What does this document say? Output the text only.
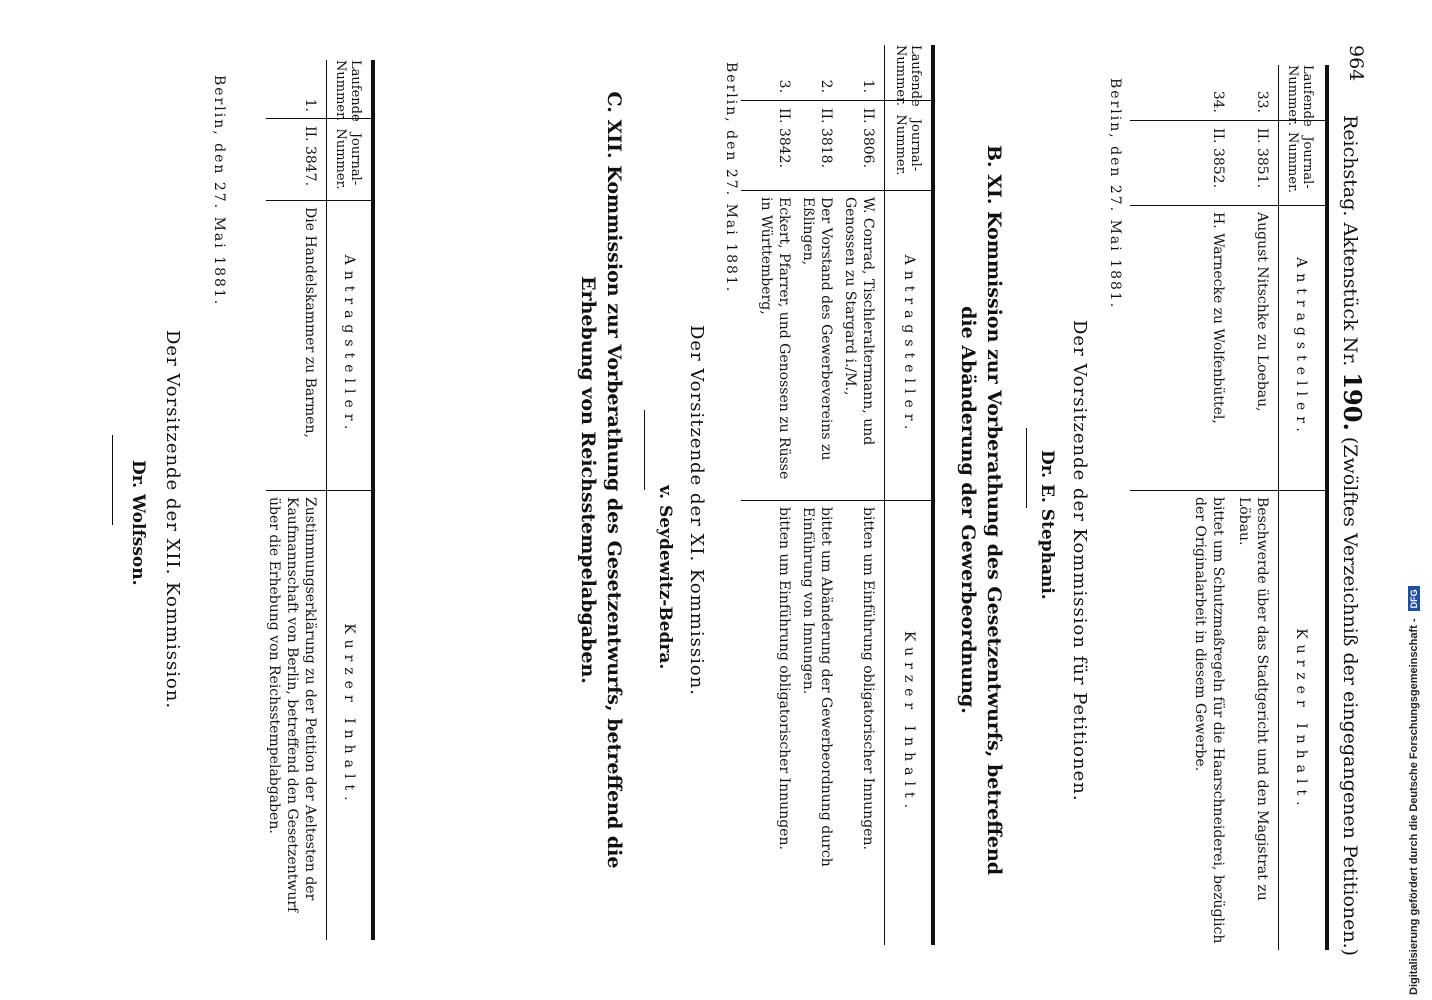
964
Reichstag. Aktenstück Nr. 190. (Zwölftes Verzeichniß der eingegangenen Petitionen.)
Laufende Nummer.
Journal-Nummer.
Antragsteller.
Kurzer Inhalt.
33.
II. 3851.
August Nitschke zu Loebau,
Beschwerde über das Stadtgericht und den Magistrat zu Löbau.
34.
II. 3852.
H. Warnecke zu Wolfenbüttel,
bittet um Schutzmaßregeln für die Haarschneiderei, bezüglich der Originalarbeit in diesem Gewerbe.
Berlin, den 27. Mai 1881.
Der Vorsitzende der Kommission für Petitionen.
Dr. E. Stephani.
B. XI. Kommission zur Vorberathung des Gesetzentwurfs, betreffend die Abänderung der Gewerbeordnung.
Laufende Nummer.
Journal-Nummer.
Antragsteller.
Kurzer Inhalt.
1.
II. 3806.
W. Conrad, Tischleraltermann, und Genossen zu Stargard i./M.,
bitten um Einführung obligatorischer Innungen.
2.
II. 3818.
Der Vorstand des Gewerbevereins zu Eßlingen,
bittet um Abänderung der Gewerbeordnung durch Einführung von Innungen.
3.
II. 3842.
Eckert, Pfarrer, und Genossen zu Rüsse in Württemberg,
bitten um Einführung obligatorischer Innungen.
Berlin, den 27. Mai 1881.
Der Vorsitzende der XI. Kommission.
v. Seydewitz-Bedra.
C. XII. Kommission zur Vorberathung des Gesetzentwurfs, betreffend die Erhebung von Reichsstempelabgaben.
Laufende Nummer.
Journal-Nummer.
Antragsteller.
Kurzer Inhalt.
1.
II. 3847.
Die Handelskammer zu Barmen,
Zustimmungserklärung zu der Petition der Aeltesten der Kaufmannschaft von Berlin, betreffend den Gesetzentwurf über die Erhebung von Reichsstempelabgaben.
Berlin, den 27. Mai 1881.
Der Vorsitzende der XII. Kommission.
Dr. Wolfsson.
Digitalisierung gefördert durch die Deutsche Forschungsgemeinschaft - DFG
